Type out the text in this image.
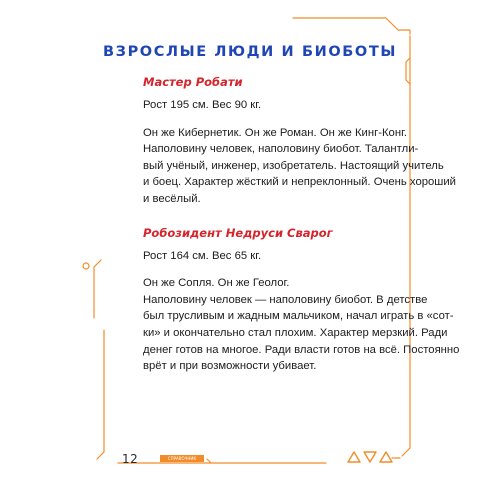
ВЗРОСЛЫЕ ЛЮДИ И БИОБОТЫ

Мастер Робати

Рост 195 см. Вес 90 кг.

Он же Кибернетик. Он же Роман. Он же Кинг-Конг.
Наполовину человек, наполовину биобот. Талантли-
вый учёный, инженер, изобретатель. Настоящий учитель
и боец. Характер жёсткий и непреклонный. Очень хороший
и весёлый.

Робозидент Недруси Сварог

Рост 164 см. Вес 65 кг.

Он же Сопля. Он же Геолог.
Наполовину человек — наполовину биобот. В детстве
был трусливым и жадным мальчиком, начал играть в «сот-
ки» и окончательно стал плохим. Характер мерзкий. Ради
денег готов на многое. Ради власти готов на всё. Постоянно
врёт и при возможности убивает.

12	СПРАВОЧНИК
